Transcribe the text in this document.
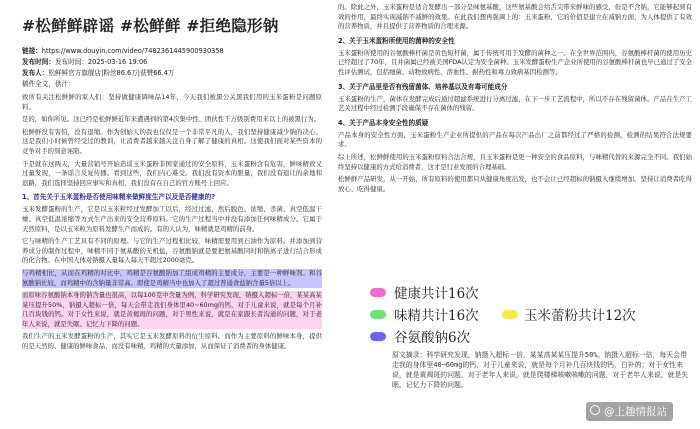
#松鲜鲜辟谣 #松鲜鲜 #拒绝隐形钠
链接：https://www.douyin.com/video/7482361445900930358
发布时间：发布时间：2025-03-16 19:06
发布人：松鲜鲜官方旗舰店|粉丝86.6万|获赞66.4万
稿件全文，供汁：

致所有关注松鲜鲜的家人们：坚持做健康调味品14年，今天我们被黑公关黑我们用的玉米蛋粉是问题原料。

是的，如你所见。这已经是松鲜鲜近年来遭遇到的第4次集中性、团伙性千万级别费用来以上的被黑行为。

松鲜鲜没有害怕，没有退缩。作为创始人的我也仅仅是一个非常平凡的人，我们坚持健康减少钠的决心。这是我们小时候曾经受过的教训，让消费者越来越关注自身了解了健康的真相。这使我们面对某些资本的竞争对手的刻意诬陷。

于是就在这两天，大量营销号开始造谣玉米蛋粉非国家通过的安全原料，玉米蛋粉含有危害，鲜味精致又过量发现，一条谣言反复传播。看到这些，我们内心难受。我们没有资本的胆量，我们没有退让的余地和退路，我们选择坚持回应事实和真相，我们没有在自己的官方账号上回应。

1、首先关于玉米蛋粉是否使用味精来做鲜度生产以及是否健康的?

玉米发酵蛋粉的生产，它是以玉米粒经过发酵加工以后，经过过滤、然后脱色、浓缩、杀菌、真空低温干燥、真空低温浓缩等方式生产出来的安全营养原料。它的生产过程当中并没有添加任何味精成分。它属于天然原料，是以玉米粒为原料发酵生产而成的。有的人认为，味精就是鸡精的前身。

它与味精的生产工艺具有不同的原理。与它的生产过程相比较，味精需要用到石油作为原料。并添加到营养成分的制作过程中，味精不同于氨基酸的无机盐，谷氨酸钠就是要把氨基酸同时和钠离子进行结合形成的化合物。在中国人体对钠摄入量每人每天不超过2000毫克。

与鸡精相比，从而在鸡精的对比中，鸡精是谷氨酸钠加工组成鸡精的主要成分，主要是一种鲜味剂。和谷氨酸钠比较，而鸡精中的含钠量非常高。即使是鸡精当中也加入了超过普通食盐钠含量5倍以上。

而原味谷氨酸钠本身的钠含量也很高，以每100克中含量为例，科学研究发现，钠摄入超标一倍，某某高某某压提升50%，钠摄入超标一倍，每天会带走我们身体里40~60mg的钙，对于儿童来说，就是每个月补几百块钱的钙。对于女性来说，就是黄褐斑的问题，对于男性来说，就是在家跟长者沟通的问题，对于老年人来说，就是失眠、记忆力下降的问题。

我们生产的玉米发酵蛋粉的生产，其实它是玉米发酵原料的衍生原料。而作为主要原料的鲜味本身，提供的是天然的、健康的鲜味食品，而没有味精、鸡精的大量添加，从而保证了消费者的身体健康。

的。除此之外，玉米蛋粉是适合发酵出一部分呈味氨基酸，这些氨基酸会给舌尖带来鲜味的感受，但是不含钠，它能够起到有效的作用，最终实现减钠不减鲜的效果。在此我们想再强调上的：玉米蛋粉，它的价值是建立在减钠方面，为人体提供了有效的营养物质，并且提供了营养物质的合理来源。

2、关于玉米蛋粉所使用的菌种的安全性

玉米蛋粉所使用的谷氨酸棒杆菌是黄色短杆菌，属于传统可用于发酵的菌种之一。在全世界范围内，谷氨酸棒杆菌的使用历史已经超过了70年，且并菌属已经被美国FDA认定为安全菌种。玉米发酵蛋粉生产企业所使用的谷氨酸棒杆菌也早已通过了安全性评估测试，包括细菌、动物致病性、溶血性、耐药性和毒力致病基因检测等。

3、关于产品里是否有残留菌体、培养基以及有毒可能成分

玉米蛋粉的生产，菌体在发酵完成后通过超滤系统进行分离过滤，在下一步工艺流程中，所以不存在残留菌体。产品在生产工艺关过程中经过检测手段确保不存在菌体的残留。

4、关于产品本身安全性的质疑

产品本身的安全性方面，玉米蛋粉生产企业所提供的产品在每次产品出厂之前都经过了严格的检测，检测的结果符合法规要求。

综上所述，松鲜鲜使用的玉米蛋粉原料合法合规，且玉米蛋粉是更一种安全的食品原料，与味精代替的来源完全不同。我们始终坚持以健康的方式给消费者，这才是行业发展的合理基础。

松鲜鲜产品研发，从一开始，所有原料的使用都只从健康角度出发，也不会让已经超标的钠摄入继续增加。坚持让消费者吃得放心、吃得健康。

健康共计16次
味精共计16次	玉米蕾粉共计12次
谷氨酸钠6次
原文摘录：科学研究发现，钠摄入超标一倍，某某高某某压提升50%。钠摄入超标一倍，每天会带走我的身体里40~60mg的钙，对于儿童来说，就是每个月补几百块钱的钙，白补的；对于女性来说，就是黄褐斑的问题，对于老年人来说，就是爬楼梯咳嗽咳嗽的问题，对于老年人来说，就是失眠、记忆力下降的问题。
@上趣情报站
